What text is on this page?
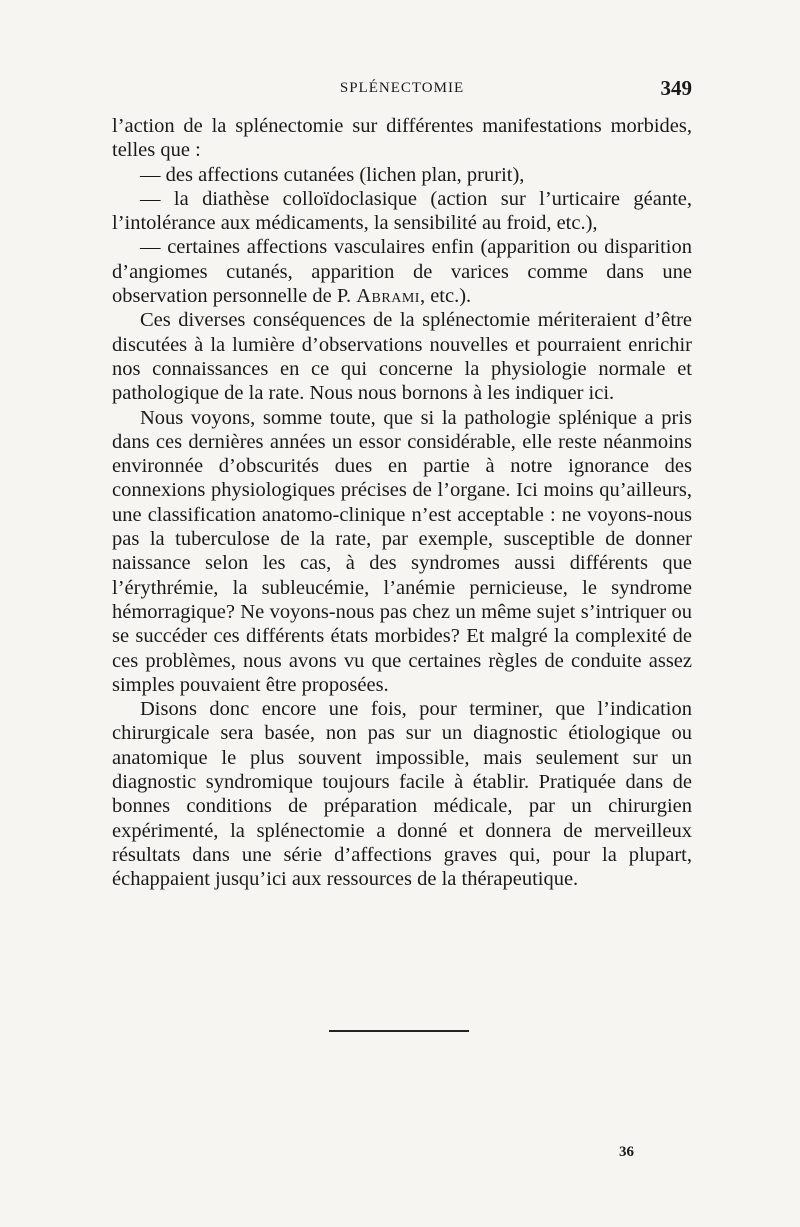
SPLÉNECTOMIE	349

l’action de la splénectomie sur différentes manifestations morbides, telles que :

— des affections cutanées (lichen plan, prurit),

— la diathèse colloïdoclasique (action sur l’urticaire géante, l’intolérance aux médicaments, la sensibilité au froid, etc.),

— certaines affections vasculaires enfin (apparition ou disparition d’angiomes cutanés, apparition de varices comme dans une observation personnelle de P. Abrami, etc.).

Ces diverses conséquences de la splénectomie mériteraient d’être discutées à la lumière d’observations nouvelles et pourraient enrichir nos connaissances en ce qui concerne la physiologie normale et pathologique de la rate. Nous nous bornons à les indiquer ici.

Nous voyons, somme toute, que si la pathologie splénique a pris dans ces dernières années un essor considérable, elle reste néanmoins environnée d’obscurités dues en partie à notre ignorance des connexions physiologiques précises de l’organe. Ici moins qu’ailleurs, une classification anatomo-clinique n’est acceptable : ne voyons-nous pas la tuberculose de la rate, par exemple, susceptible de donner naissance selon les cas, à des syndromes aussi différents que l’érythrémie, la subleucémie, l’anémie pernicieuse, le syndrome hémorragique? Ne voyons-nous pas chez un même sujet s’intriquer ou se succéder ces différents états morbides? Et malgré la complexité de ces problèmes, nous avons vu que certaines règles de conduite assez simples pouvaient être proposées.

Disons donc encore une fois, pour terminer, que l’indication chirurgicale sera basée, non pas sur un diagnostic étiologique ou anatomique le plus souvent impossible, mais seulement sur un diagnostic syndromique toujours facile à établir. Pratiquée dans de bonnes conditions de préparation médicale, par un chirurgien expérimenté, la splénectomie a donné et donnera de merveilleux résultats dans une série d’affections graves qui, pour la plupart, échappaient jusqu’ici aux ressources de la thérapeutique.

36
